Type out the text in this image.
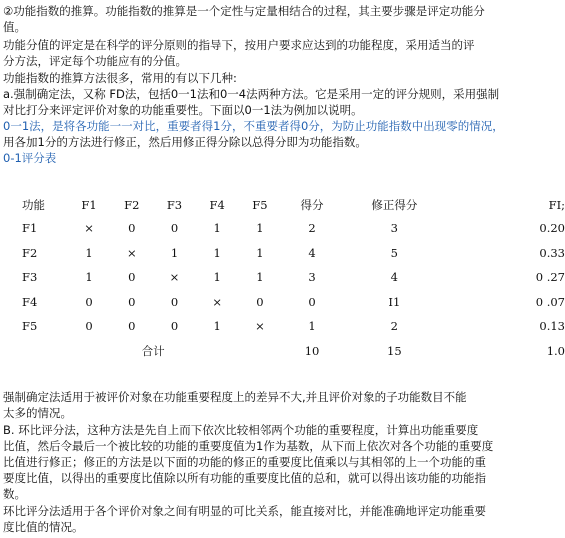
②功能指数的推算。功能指数的推算是一个定性与定量相结合的过程，其主要步骤是评定功能分
值。
功能分值的评定是在科学的评分原则的指导下，按用户要求应达到的功能程度，采用适当的评
分方法，评定每个功能应有的分值。
功能指数的推算方法很多，常用的有以下几种:
a.强制确定法，又称 FD法，包括0一1法和0一4法两种方法。它是采用一定的评分规则，采用强制
对比打分来评定评价对象的功能重要性。下面以0一1法为例加以说明。
0一1法，是将各功能一一对比，重要者得1分，不重要者得0分，为防止功能指数中出现零的情况，
用各加1分的方法进行修正，然后用修正得分除以总得分即为功能指数。
0-1评分表
功能	F1	F2	F3	F4	F5	得分	修正得分	FI;
F1	×	0	0	1	1	2	3	0.20
F2	1	×	1	1	1	4	5	0.33
F3	1	0	×	1	1	3	4	0 .27
F4	0	0	0	×	0	0	I1	0 .07
F5	0	0	0	1	×	1	2	0.13
		合计				10	15	1.0
强制确定法适用于被评价对象在功能重要程度上的差异不大,并且评价对象的子功能数目不能
太多的情况。
B. 环比评分法，这种方法是先自上而下依次比较相邻两个功能的重要程度，计算出功能重要度
比值，然后令最后一个被比较的功能的重要度值为1作为基数，从下而上依次对各个功能的重要度
比值进行修正；修正的方法是以下面的功能的修正的重要度比值乘以与其相邻的上一个功能的重
要度比值，以得出的重要度比值除以所有功能的重要度比值的总和，就可以得出该功能的功能指
数。
环比评分法适用于各个评价对象之间有明显的可比关系，能直接对比，并能准确地评定功能重要
度比值的情况。
